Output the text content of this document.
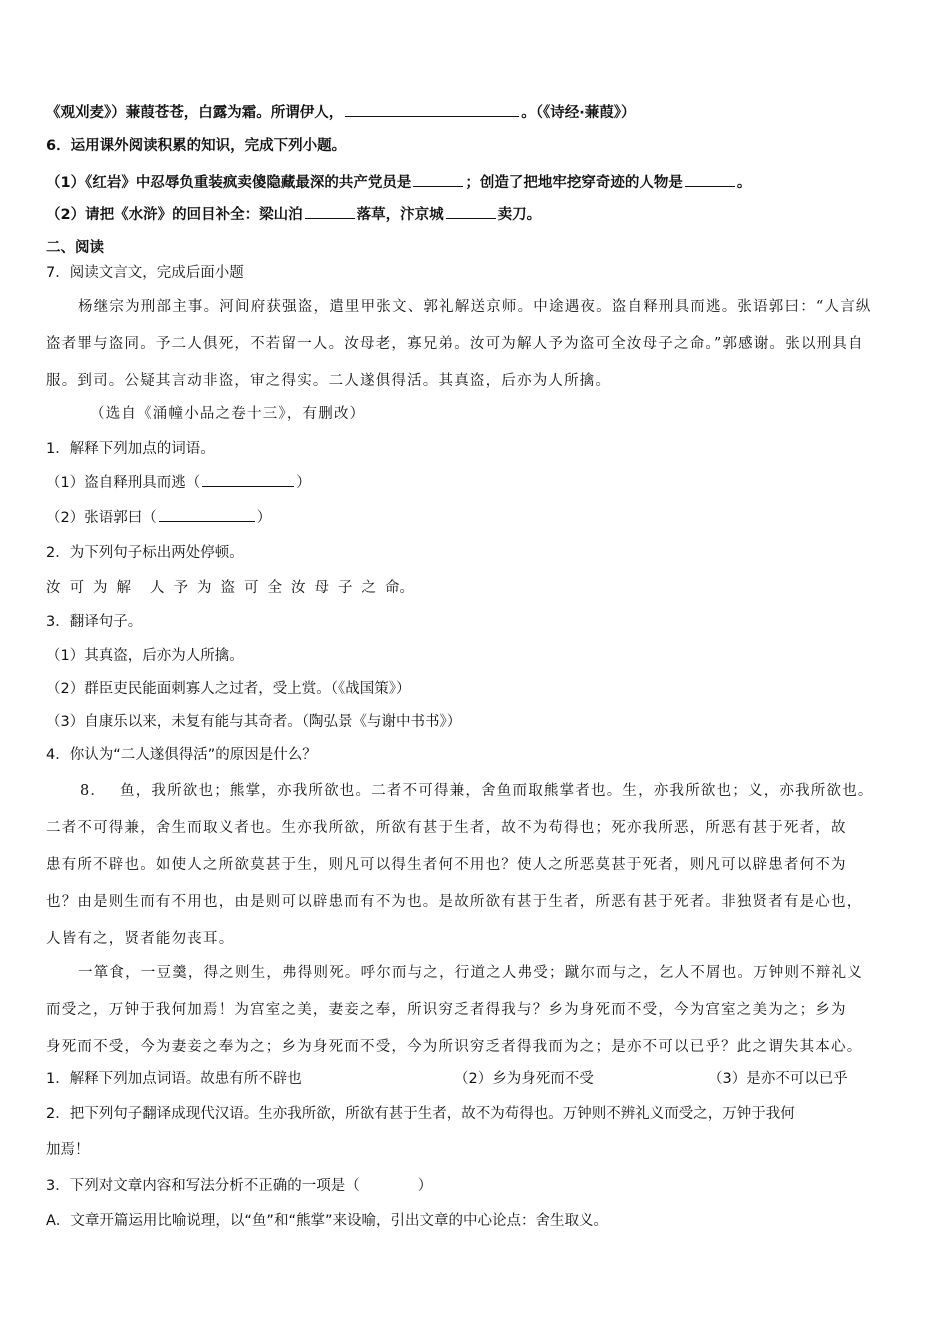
《观刈麦》）蒹葭苍苍，白露为霜。所谓伊人，	。（《诗经·蒹葭》）
6．运用课外阅读积累的知识，完成下列小题。
（1）《红岩》中忍辱负重装疯卖傻隐藏最深的共产党员是	；创造了把地牢挖穿奇迹的人物是	。
（2）请把《水浒》的回目补全：梁山泊	落草，汴京城	卖刀。
二、阅读
7．阅读文言文，完成后面小题
杨继宗为刑部主事。河间府获强盗，遣里甲张文、郭礼解送京师。中途遇夜。盗自释刑具而逃。张语郭曰：“人言纵
盗者罪与盗同。予二人俱死，不若留一人。汝母老，寡兄弟。汝可为解人予为盗可全汝母子之命。”郭感谢。张以刑具自
服。到司。公疑其言动非盗，审之得实。二人遂俱得活。其真盗，后亦为人所擒。
（选自《涌幢小品之卷十三》，有删改）
1．解释下列加点的词语。
（1）盗自释刑具而逃（	）
（2）张语郭曰（	）
2．为下列句子标出两处停顿。
汝 可 为 解 人 予 为 盗 可 全 汝 母 子 之 命。
3．翻译句子。
（1）其真盗，后亦为人所擒。
（2）群臣吏民能面刺寡人之过者，受上赏。（《战国策》）
（3）自康乐以来，未复有能与其奇者。（陶弘景《与谢中书书》）
4．你认为“二人遂俱得活”的原因是什么？
8． 鱼，我所欲也；熊掌，亦我所欲也。二者不可得兼，舍鱼而取熊掌者也。生，亦我所欲也；义，亦我所欲也。
二者不可得兼，舍生而取义者也。生亦我所欲，所欲有甚于生者，故不为苟得也；死亦我所恶，所恶有甚于死者，故
患有所不辟也。如使人之所欲莫甚于生，则凡可以得生者何不用也？使人之所恶莫甚于死者，则凡可以辟患者何不为
也？由是则生而有不用也，由是则可以辟患而有不为也。是故所欲有甚于生者，所恶有甚于死者。非独贤者有是心也，
人皆有之，贤者能勿丧耳。
一箪食，一豆羹，得之则生，弗得则死。呼尔而与之，行道之人弗受；蹴尔而与之，乞人不屑也。万钟则不辩礼义
而受之，万钟于我何加焉！为宫室之美，妻妾之奉，所识穷乏者得我与？乡为身死而不受，今为宫室之美为之；乡为
身死而不受，今为妻妾之奉为之；乡为身死而不受，今为所识穷乏者得我而为之；是亦不可以已乎？此之谓失其本心。
1．解释下列加点词语。故患有所不辟也	（2）乡为身死而不受	（3）是亦不可以已乎
2．把下列句子翻译成现代汉语。生亦我所欲，所欲有甚于生者，故不为苟得也。万钟则不辨礼义而受之，万钟于我何
加焉！
3．下列对文章内容和写法分析不正确的一项是（	）
A．文章开篇运用比喻说理，以“鱼”和“熊掌”来设喻，引出文章的中心论点：舍生取义。
